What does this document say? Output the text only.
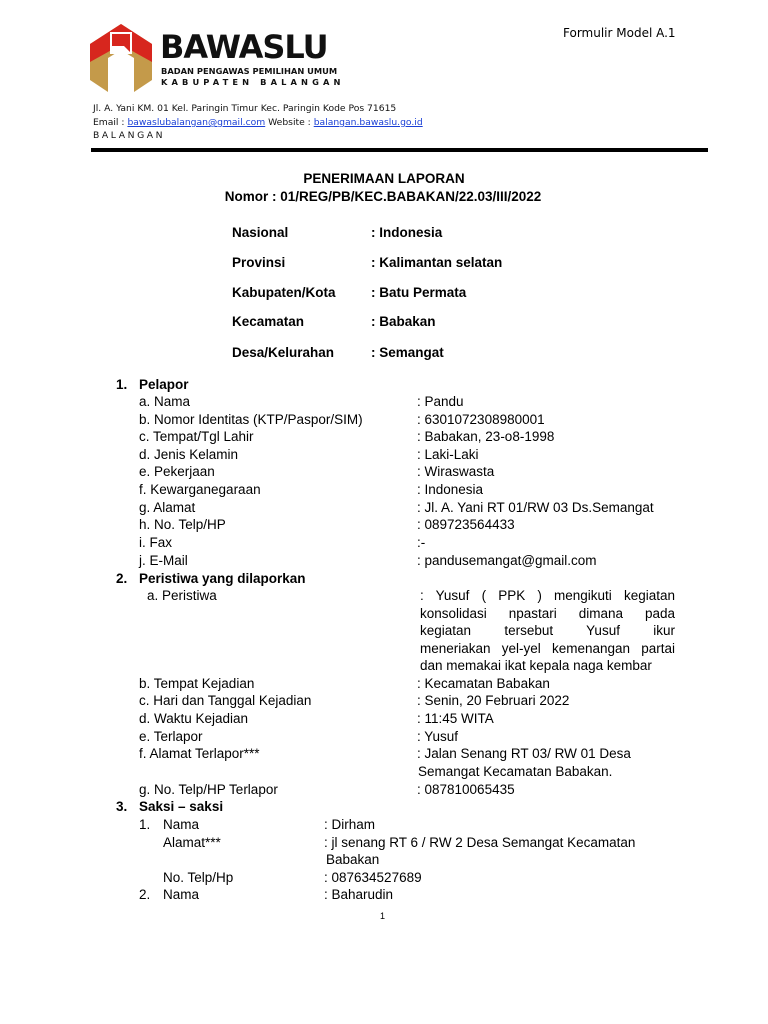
Formulir Model A.1
BAWASLU
BADAN PENGAWAS PEMILIHAN UMUM
KABUPATEN BALANGAN
Jl. A. Yani KM. 01 Kel. Paringin Timur Kec. Paringin Kode Pos 71615
Email : bawaslubalangan@gmail.com Website : balangan.bawaslu.go.id
BALANGAN
PENERIMAAN LAPORAN
Nomor : 01/REG/PB/KEC.BABAKAN/22.03/III/2022
Nasional	: Indonesia
Provinsi	: Kalimantan selatan
Kabupaten/Kota	: Batu Permata
Kecamatan	: Babakan
Desa/Kelurahan	: Semangat
1. Pelapor
a. Nama	: Pandu
b. Nomor Identitas (KTP/Paspor/SIM)	: 6301072308980001
c. Tempat/Tgl Lahir	: Babakan, 23-o8-1998
d. Jenis Kelamin	: Laki-Laki
e. Pekerjaan	: Wiraswasta
f. Kewarganegaraan	: Indonesia
g. Alamat	: Jl. A. Yani RT 01/RW 03 Ds.Semangat
h. No. Telp/HP	: 089723564433
i. Fax	:-
j. E-Mail	: pandusemangat@gmail.com
2. Peristiwa yang dilaporkan
a. Peristiwa	: Yusuf ( PPK ) mengikuti kegiatan
konsolidasi npastari dimana pada
kegiatan tersebut Yusuf ikur
meneriakan yel-yel kemenangan partai
dan memakai ikat kepala naga kembar
b. Tempat Kejadian	: Kecamatan Babakan
c. Hari dan Tanggal Kejadian	: Senin, 20 Februari 2022
d. Waktu Kejadian	: 11:45 WITA
e. Terlapor	: Yusuf
f. Alamat Terlapor***	: Jalan Senang RT 03/ RW 01 Desa
Semangat Kecamatan Babakan.
g. No. Telp/HP Terlapor	: 087810065435
3. Saksi – saksi
1. Nama	: Dirham
Alamat***	: jl senang RT 6 / RW 2 Desa Semangat Kecamatan
Babakan
No. Telp/Hp	: 087634527689
2. Nama	: Baharudin
1
